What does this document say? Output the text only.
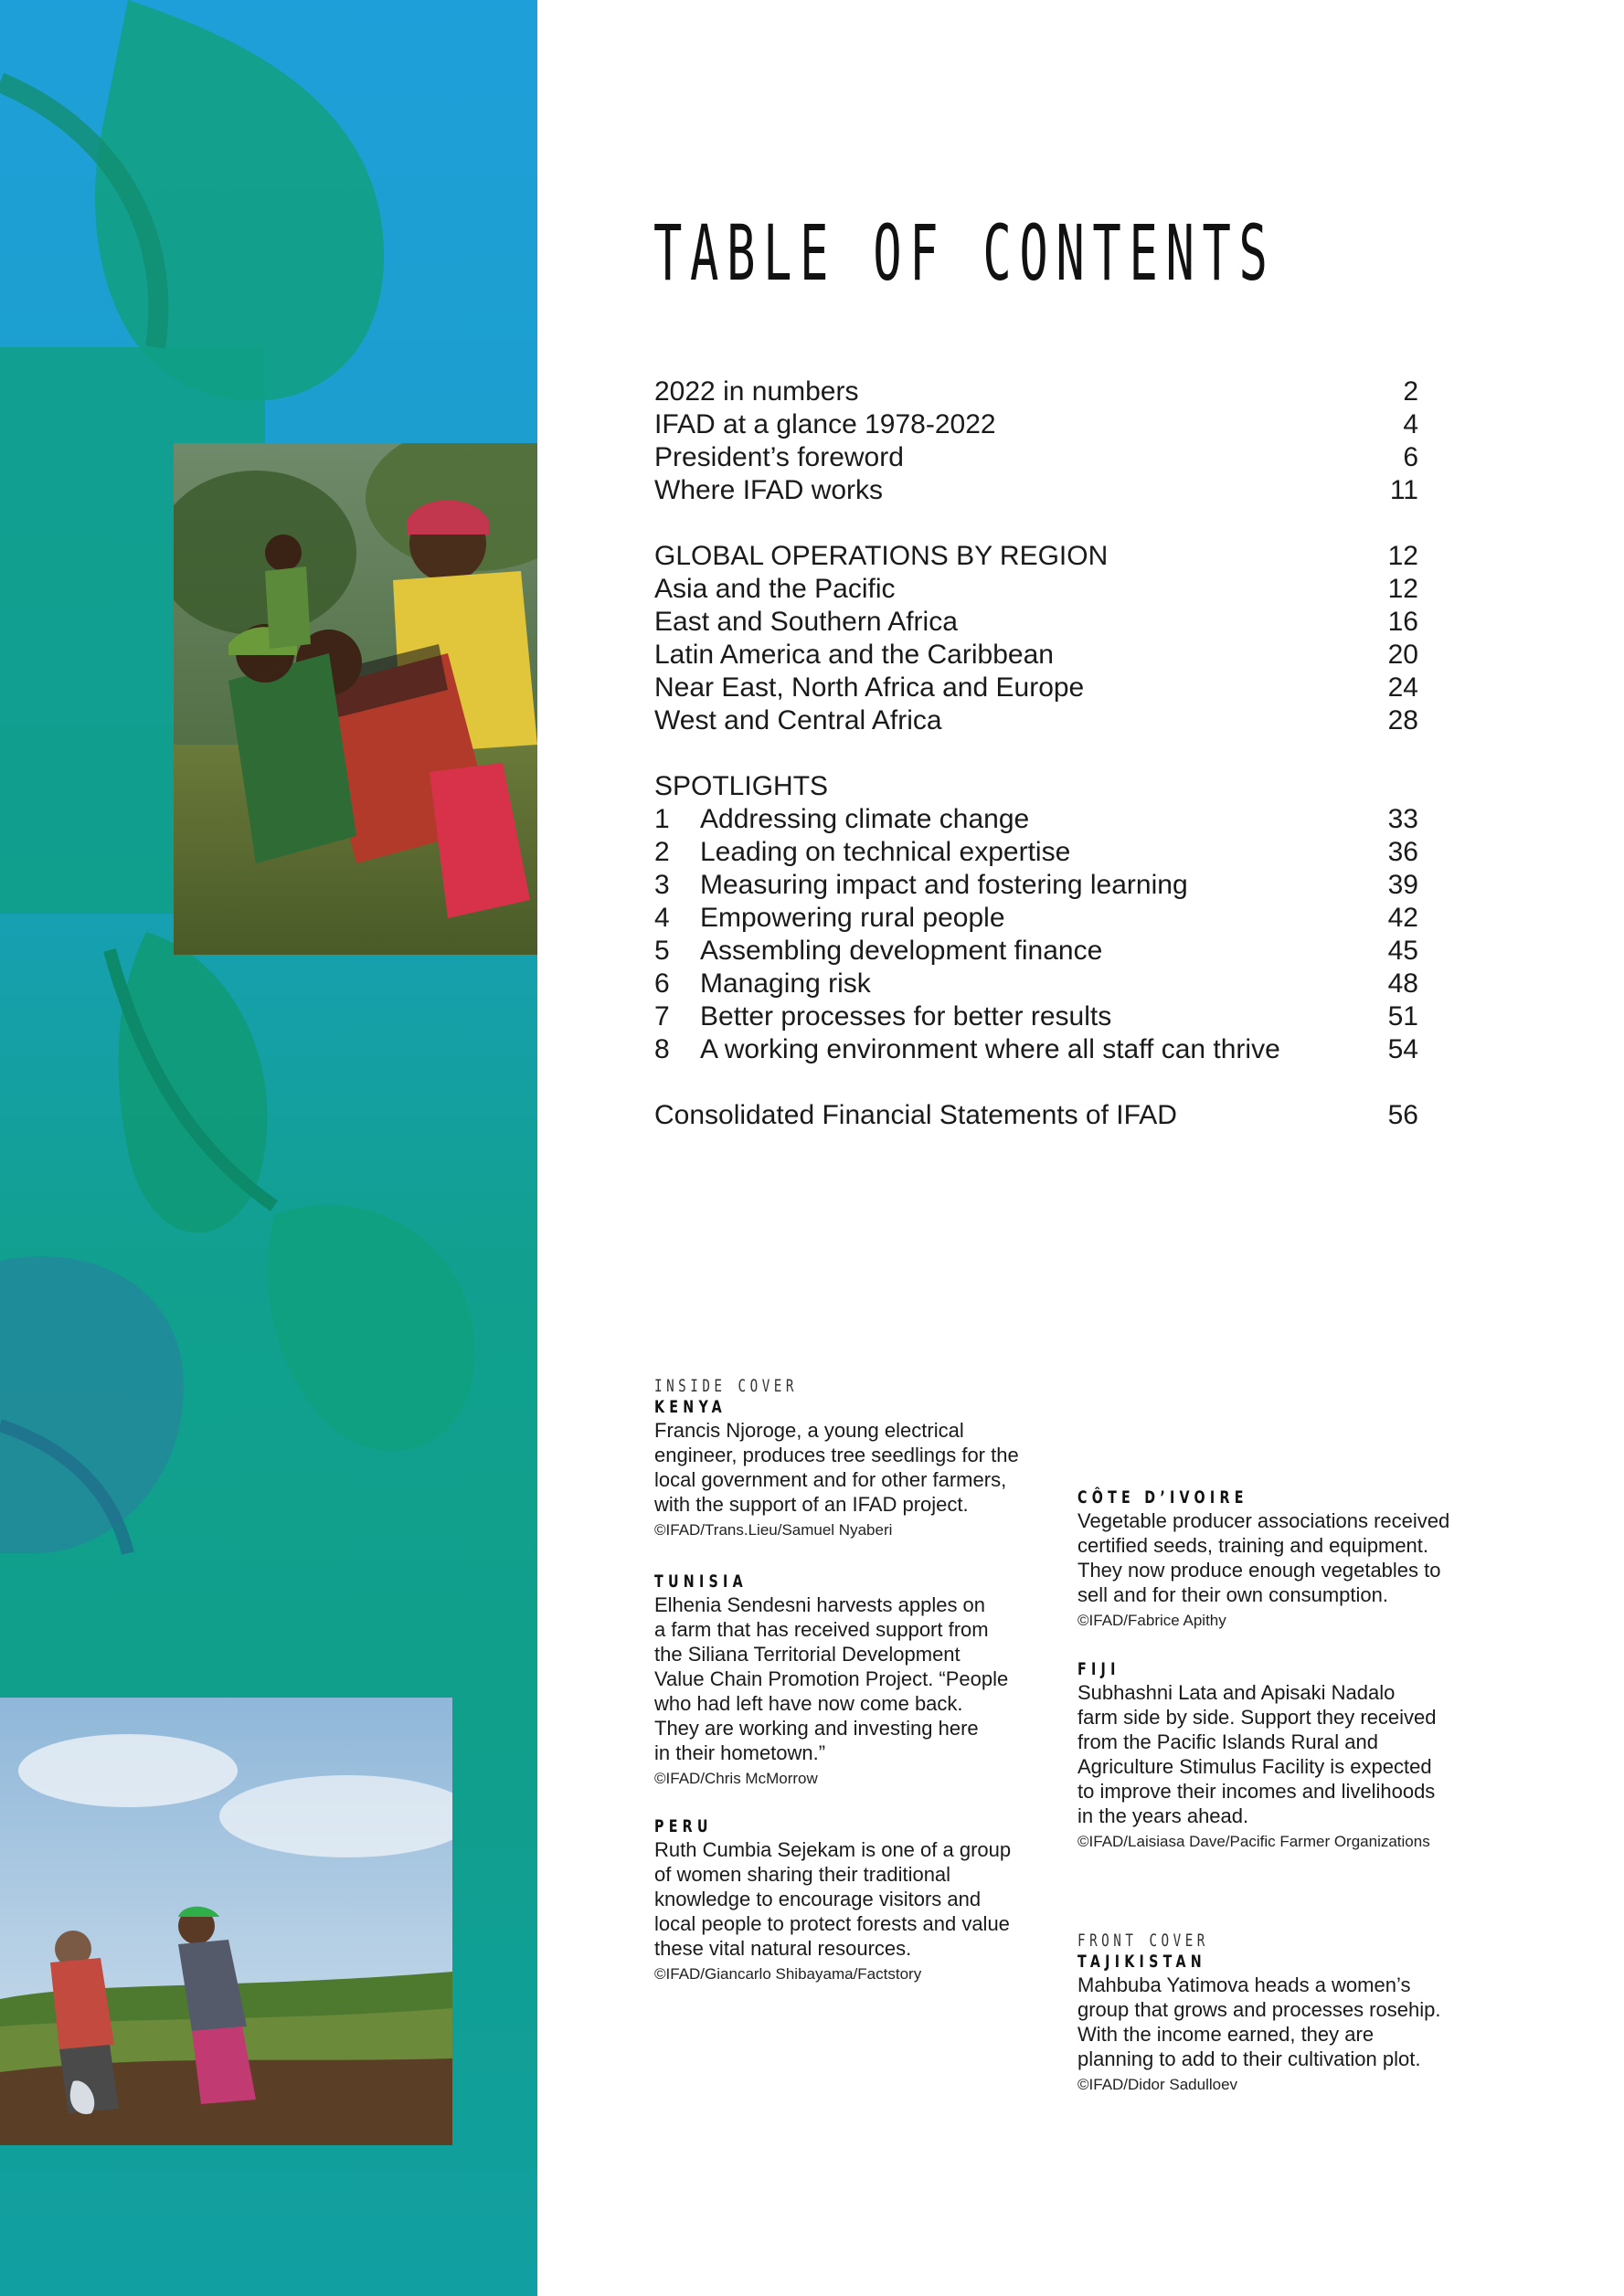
TABLE OF CONTENTS
2022 in numbers	2
IFAD at a glance 1978-2022	4
President’s foreword	6
Where IFAD works	11
GLOBAL OPERATIONS BY REGION	12
Asia and the Pacific	12
East and Southern Africa	16
Latin America and the Caribbean	20
Near East, North Africa and Europe	24
West and Central Africa	28
SPOTLIGHTS
1	Addressing climate change	33
2	Leading on technical expertise	36
3	Measuring impact and fostering learning	39
4	Empowering rural people	42
5	Assembling development finance	45
6	Managing risk	48
7	Better processes for better results	51
8	A working environment where all staff can thrive	54
Consolidated Financial Statements of IFAD	56
INSIDE COVER
KENYA
Francis Njoroge, a young electrical
engineer, produces tree seedlings for the
local government and for other farmers,
with the support of an IFAD project.
©IFAD/Trans.Lieu/Samuel Nyaberi
TUNISIA
Elhenia Sendesni harvests apples on
a farm that has received support from
the Siliana Territorial Development
Value Chain Promotion Project. “People
who had left have now come back.
They are working and investing here
in their hometown.”
©IFAD/Chris McMorrow
PERU
Ruth Cumbia Sejekam is one of a group
of women sharing their traditional
knowledge to encourage visitors and
local people to protect forests and value
these vital natural resources.
©IFAD/Giancarlo Shibayama/Factstory
CÔTE D’IVOIRE
Vegetable producer associations received
certified seeds, training and equipment.
They now produce enough vegetables to
sell and for their own consumption.
©IFAD/Fabrice Apithy
FIJI
Subhashni Lata and Apisaki Nadalo
farm side by side. Support they received
from the Pacific Islands Rural and
Agriculture Stimulus Facility is expected
to improve their incomes and livelihoods
in the years ahead.
©IFAD/Laisiasa Dave/Pacific Farmer Organizations
FRONT COVER
TAJIKISTAN
Mahbuba Yatimova heads a women’s
group that grows and processes rosehip.
With the income earned, they are
planning to add to their cultivation plot.
©IFAD/Didor Sadulloev
